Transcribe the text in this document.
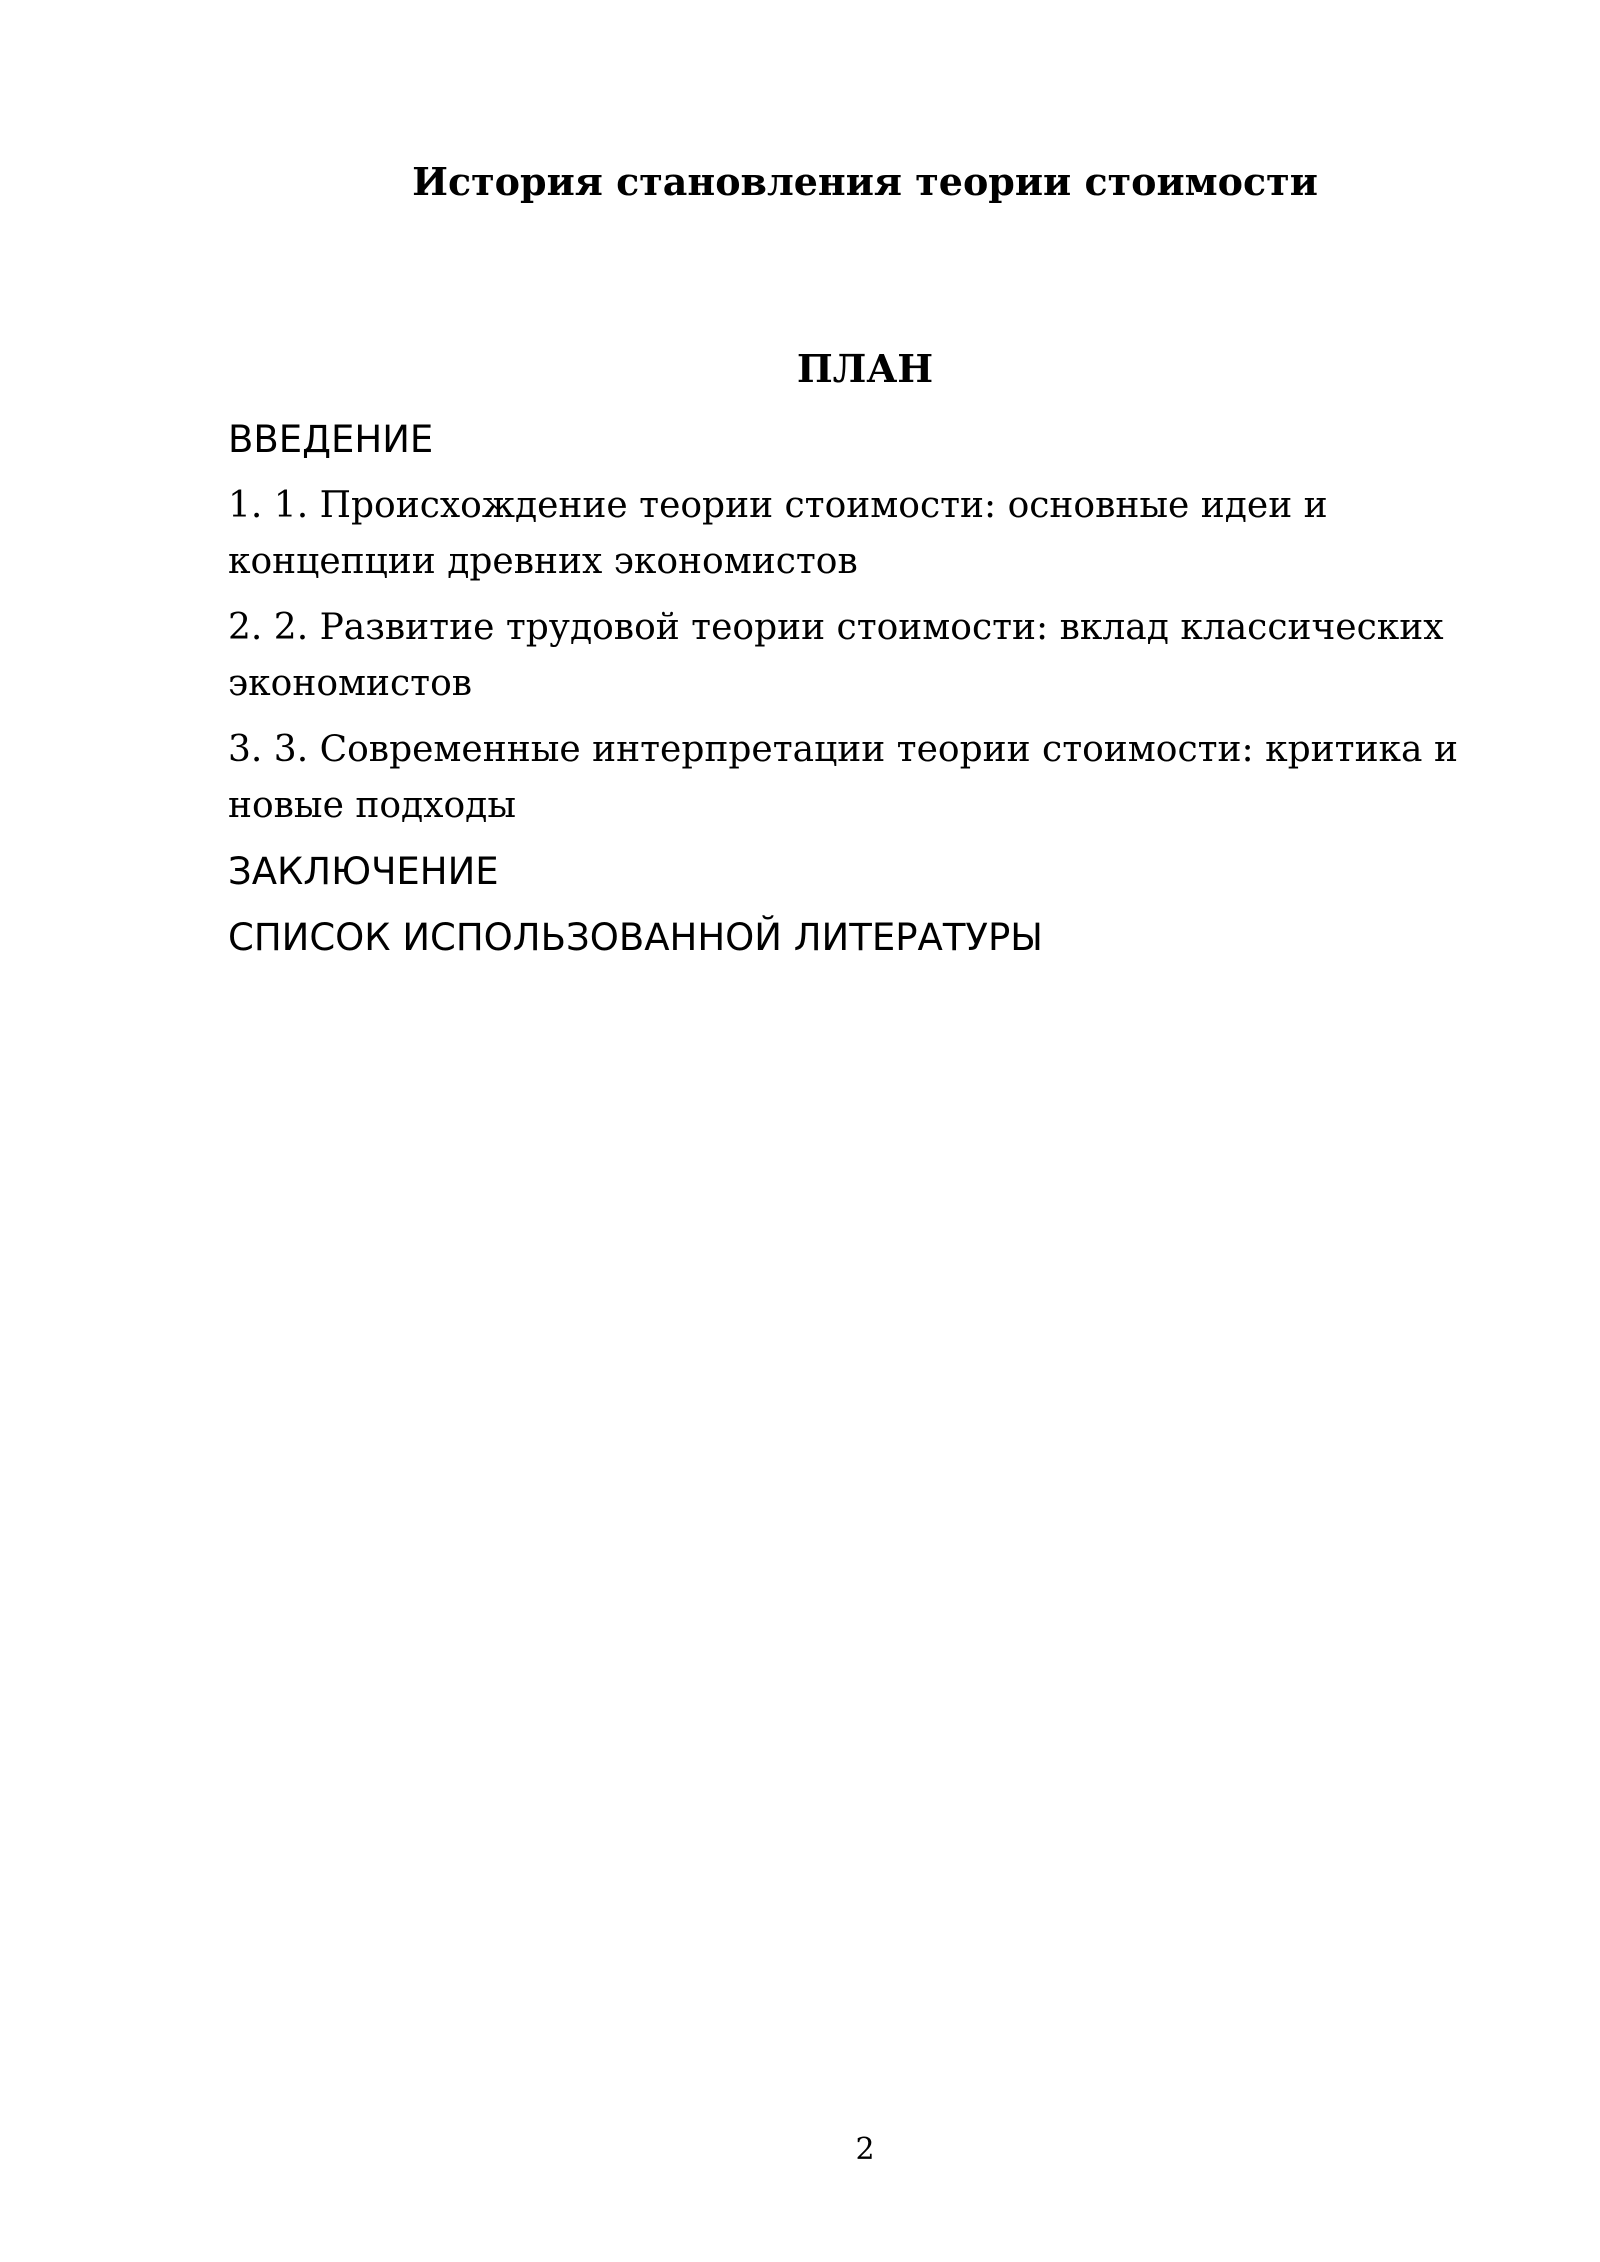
История становления теории стоимости
ПЛАН
ВВЕДЕНИЕ
1. 1. Происхождение теории стоимости: основные идеи и концепции древних экономистов
2. 2. Развитие трудовой теории стоимости: вклад классических экономистов
3. 3. Современные интерпретации теории стоимости: критика и новые подходы
ЗАКЛЮЧЕНИЕ
СПИСОК ИСПОЛЬЗОВАННОЙ ЛИТЕРАТУРЫ
2
